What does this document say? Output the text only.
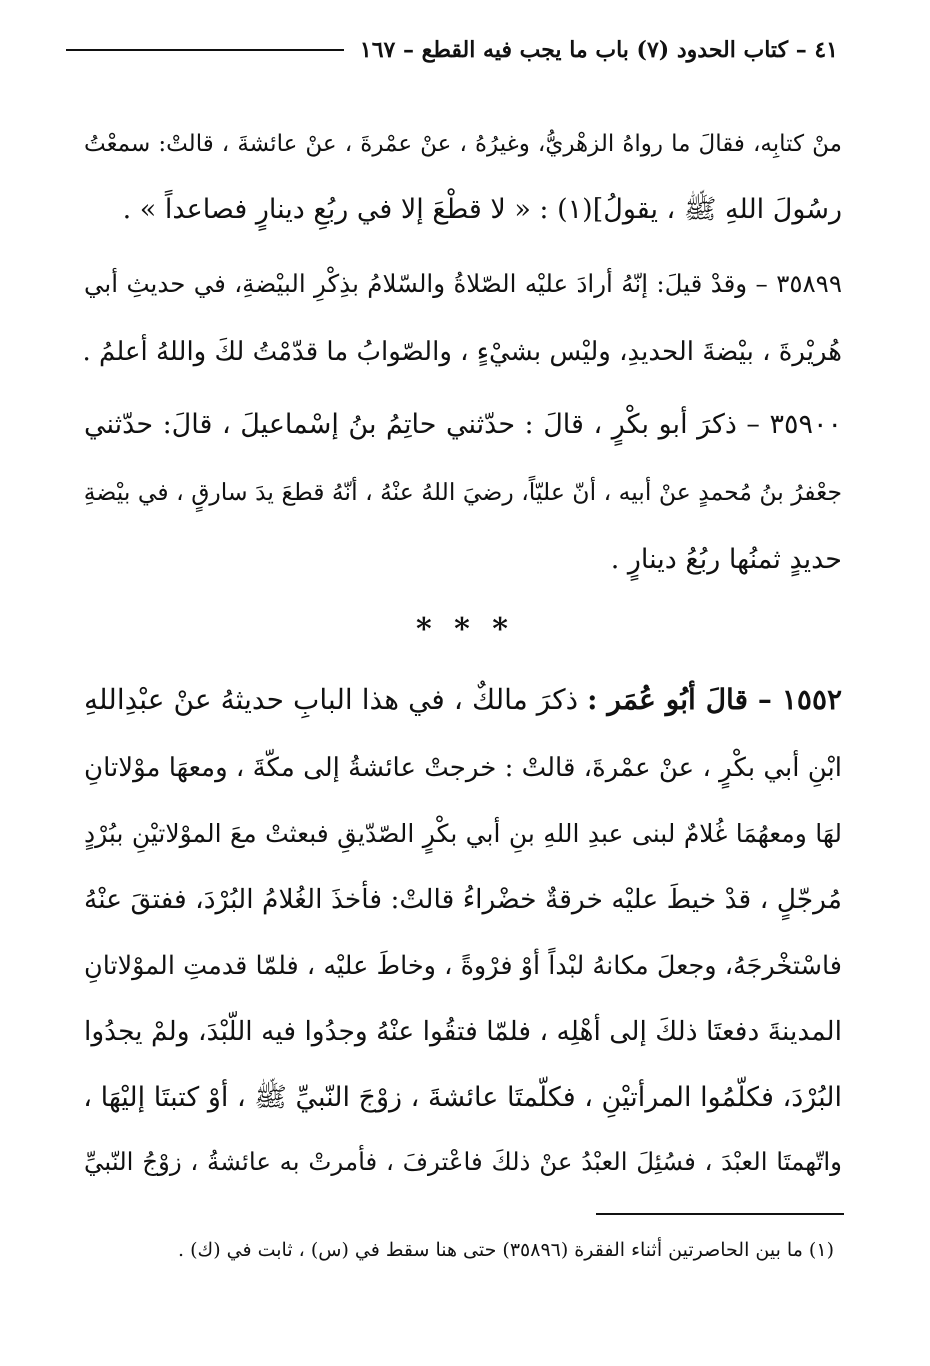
٤١ – كتاب الحدود (٧) باب ما يجب فيه القطع – ١٦٧
منْ كتابِه، فقالَ ما رواهُ الزهْريُّ، وغيرُهُ ، عنْ عمْرةَ ، عنْ عائشةَ ، قالتْ: سمعْتُ
رسُولَ اللهِ ﷺ ، يقولُ](١) : « لا قطْعَ إلا في ربُعِ دينارٍ فصاعداً » .
٣٥٨٩٩ – وقدْ قيلَ: إنّهُ أرادَ عليْه الصّلاةُ والسّلامُ بذِكْرِ البيْضةِ، في حديثِ أبي
هُريْرةَ ، بيْضةَ الحديدِ، وليْس بشيْءٍ ، والصّوابُ ما قدّمْتُ لكَ واللهُ أعلمُ .
٣٥٩٠٠ – ذكرَ أبو بكْرٍ ، قالَ : حدّثني حاتِمُ بنُ إسْماعيلَ ، قالَ: حدّثني
جعْفرُ بنُ مُحمدٍ عنْ أبيه ، أنّ عليّاً، رضيَ اللهُ عنْهُ ، أنّهُ قطعَ يدَ سارقٍ ، في بيْضةِ
حديدٍ ثمنُها ربُعُ دينارٍ .
* * *
١٥٥٢ – قالَ أبُو عُمَر : ذكرَ مالكٌ ، في هذا البابِ حديثهُ عنْ عبْدِاللهِ
ابْنِ أبي بكْرٍ ، عنْ عمْرةَ، قالتْ : خرجتْ عائشةُ إلى مكّةَ ، ومعهَا موْلاتانِ
لهَا ومعهُمَا غُلامٌ لبنى عبدِ اللهِ بنِ أبي بكْرٍ الصّدّيقِ فبعثتْ معَ الموْلاتيْنِ ببُرْدٍ
مُرجّلٍ ، قدْ خيطَ عليْه خرقةٌ خضْراءُ قالتْ: فأخذَ الغُلامُ البُرْدَ، ففتقَ عنْهُ
فاسْتخْرجَهُ، وجعلَ مكانهُ لبْداً أوْ فرْوةً ، وخاطَ عليْه ، فلمّا قدمتِ الموْلاتانِ
المدينةَ دفعتَا ذلكَ إلى أهْلِه ، فلمّا فتقُوا عنْهُ وجدُوا فيه اللّبْدَ، ولمْ يجدُوا
البُرْدَ، فكلّمُوا المرأتيْنِ ، فكلّمتَا عائشةَ ، زوْجَ النّبيِّ ﷺ ، أوْ كتبتَا إليْهَا ،
واتّهمتَا العبْدَ ، فسُئِلَ العبْدُ عنْ ذلكَ فاعْترفَ ، فأمرتْ به عائشةُ ، زوْجُ النّبيِّ
(١) ما بين الحاصرتين أثناء الفقرة (٣٥٨٩٦) حتى هنا سقط في (س) ، ثابت في (ك) .
